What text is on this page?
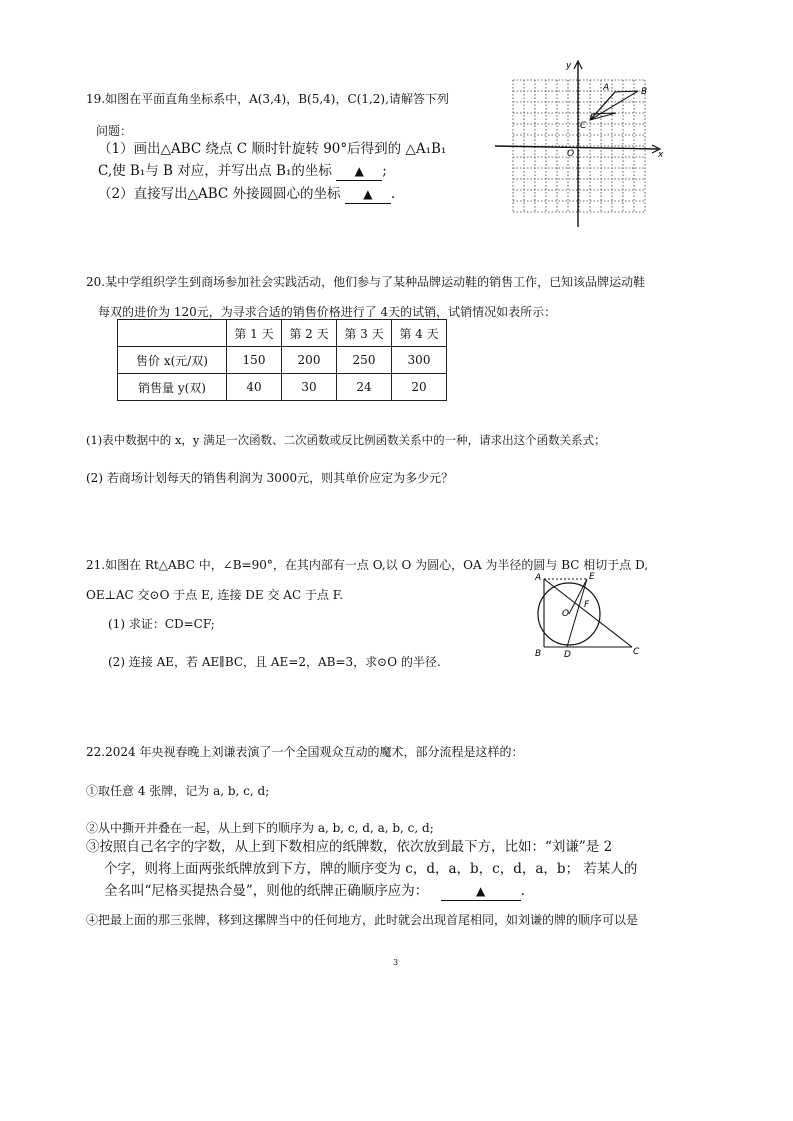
19.如图在平面直角坐标系中，A(3,4)，B(5,4)，C(1,2),请解答下列
问题：
（1）画出△ABC 绕点 C 顺时针旋转 90°后得到的 △A₁B₁
C,使 B₁与 B 对应，并写出点 B₁的坐标 ▲ ;
（2）直接写出△ABC 外接圆圆心的坐标 ▲ .
y
x
O
A	B
C
20.某中学组织学生到商场参加社会实践活动，他们参与了某种品牌运动鞋的销售工作，已知该品牌运动鞋
每双的进价为 120元，为寻求合适的销售价格进行了 4天的试销，试销情况如表所示：
	第 1 天	第 2 天	第 3 天	第 4 天
售价 x(元/双)	150	200	250	300
销售量 y(双)	40	30	24	20
(1)表中数据中的 x，y 满足一次函数、二次函数或反比例函数关系中的一种，请求出这个函数关系式；
(2) 若商场计划每天的销售利润为 3000元，则其单价应定为多少元？
21.如图在 Rt△ABC 中，∠B=90°，在其内部有一点 O,以 O 为圆心，OA 为半径的圆与 BC 相切于点 D,
OE⊥AC 交⊙O 于点 E, 连接 DE 交 AC 于点 F.
(1) 求证：CD=CF;
(2) 连接 AE，若 AE∥BC，且 AE=2，AB=3，求⊙O 的半径.
A	E
O
F
B	D	C
22.2024 年央视春晚上刘谦表演了一个全国观众互动的魔术，部分流程是这样的：
①取任意 4 张牌，记为 a, b, c, d;
②从中撕开并叠在一起，从上到下的顺序为 a, b, c, d, a, b, c, d;
③按照自己名字的字数，从上到下数相应的纸牌数，依次放到最下方，比如：“刘谦”是 2
个字，则将上面两张纸牌放到下方，牌的顺序变为 c，d，a，b，c，d，a，b； 若某人的
全名叫“尼格买提热合曼”，则他的纸牌正确顺序应为：	▲	.
④把最上面的那三张牌，移到这摞牌当中的任何地方，此时就会出现首尾相同，如刘谦的牌的顺序可以是
3
